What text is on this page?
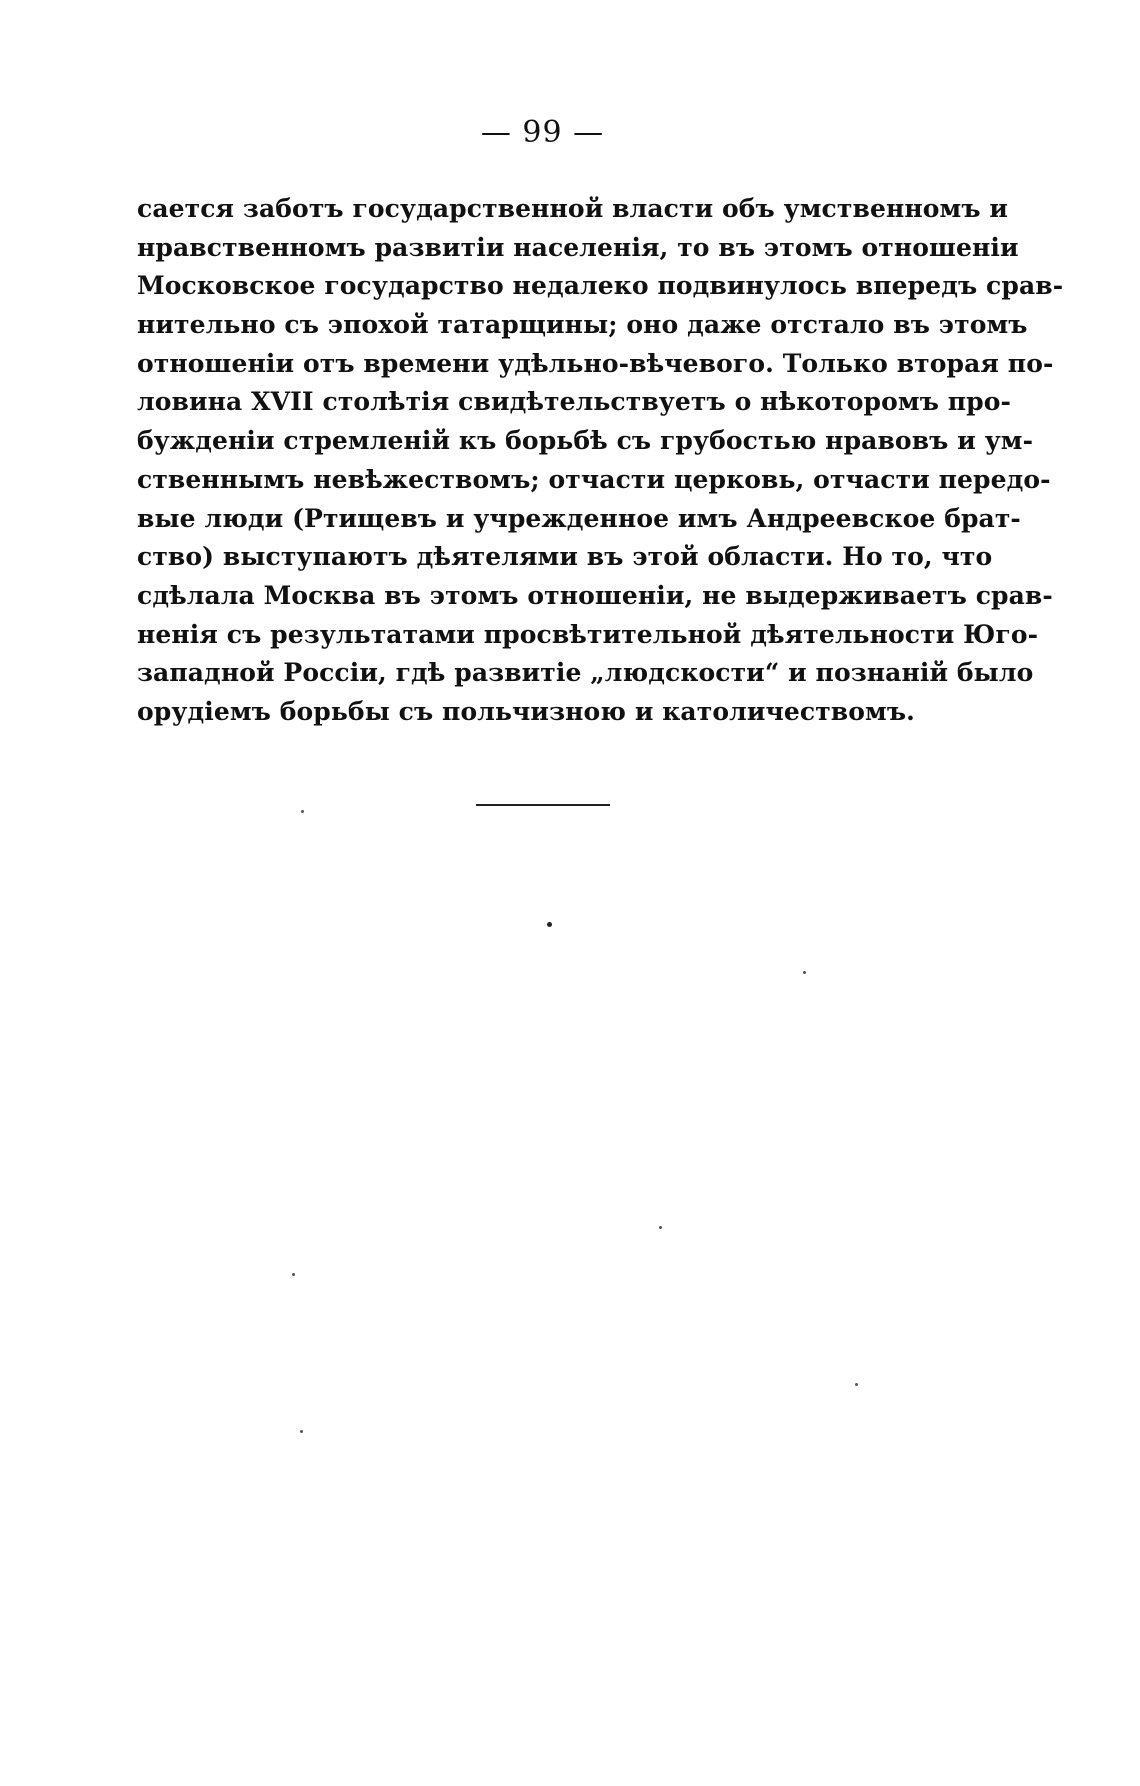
— 99 —
сается заботъ государственной власти объ умственномъ и
нравственномъ развитіи населенія, то въ этомъ отношеніи
Московское государство недалеко подвинулось впередъ срав-
нительно съ эпохой татарщины; оно даже отстало въ этомъ
отношеніи отъ времени удѣльно-вѣчевого. Только вторая по-
ловина XVII столѣтія свидѣтельствуетъ о нѣкоторомъ про-
бужденіи стремленій къ борьбѣ съ грубостью нравовъ и ум-
ственнымъ невѣжествомъ; отчасти церковь, отчасти передо-
вые люди (Ртищевъ и учрежденное имъ Андреевское брат-
ство) выступаютъ дѣятелями въ этой области. Но то, что
сдѣлала Москва въ этомъ отношеніи, не выдерживаетъ срав-
ненія съ результатами просвѣтительной дѣятельности Юго-
западной Россіи, гдѣ развитіе „людскости“ и познаній было
орудіемъ борьбы съ польчизною и католичествомъ.
